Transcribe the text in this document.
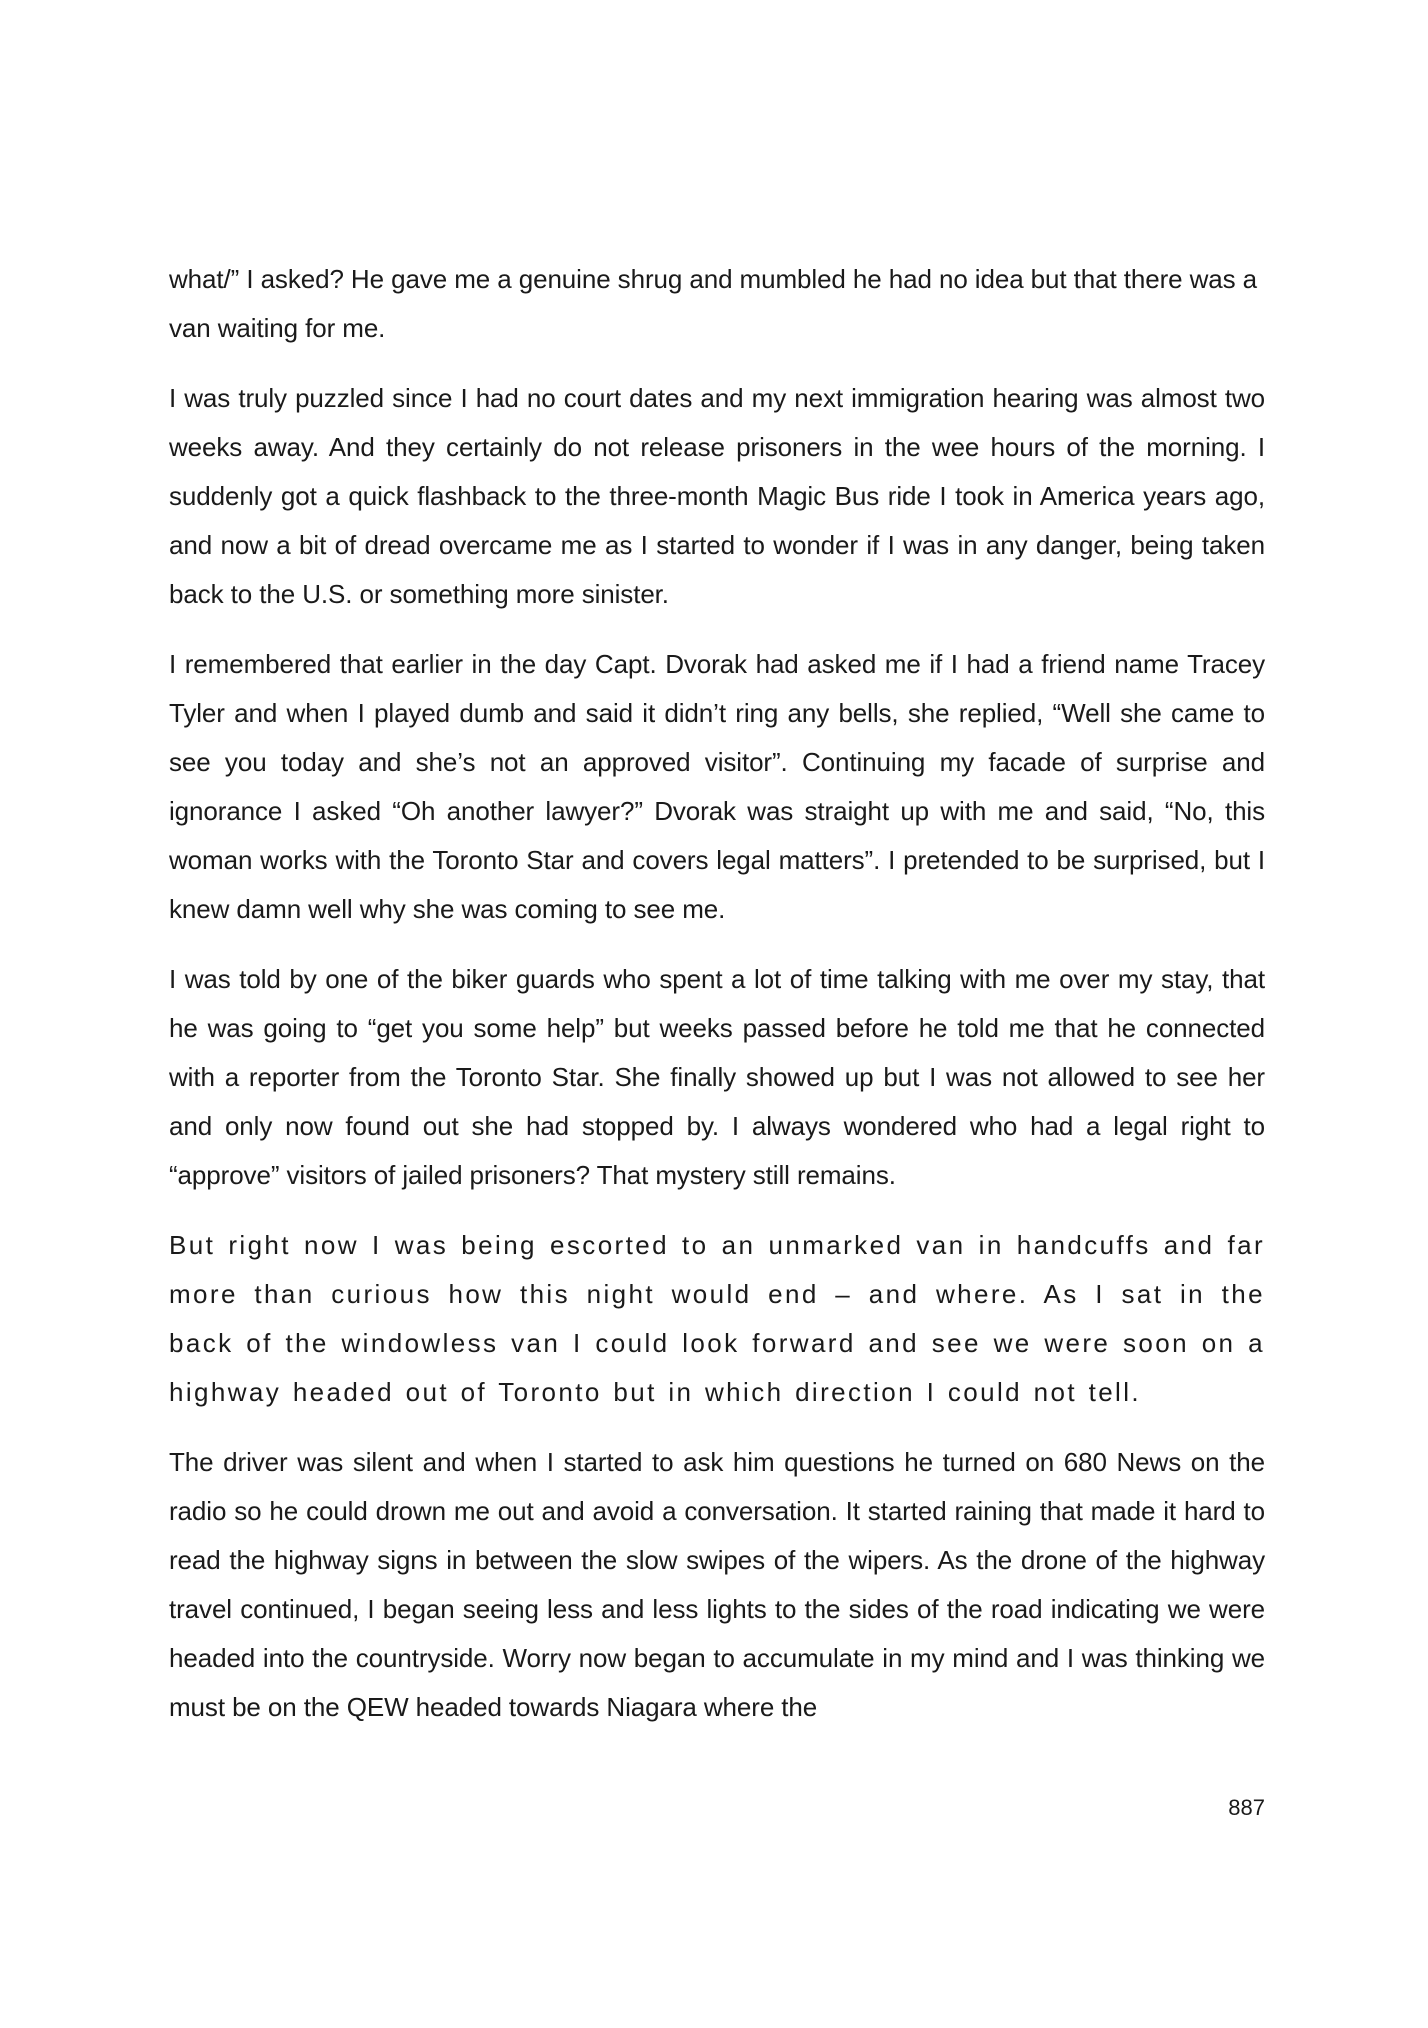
what/” I asked? He gave me a genuine shrug and mumbled he had no idea but that there was a van waiting for me.

I was truly puzzled since I had no court dates and my next immigration hearing was almost two weeks away. And they certainly do not release prisoners in the wee hours of the morning. I suddenly got a quick flashback to the three-month Magic Bus ride I took in America years ago, and now a bit of dread overcame me as I started to wonder if I was in any danger, being taken back to the U.S. or something more sinister.

I remembered that earlier in the day Capt. Dvorak had asked me if I had a friend name Tracey Tyler and when I played dumb and said it didn’t ring any bells, she replied, “Well she came to see you today and she’s not an approved visitor”. Continuing my facade of surprise and ignorance I asked “Oh another lawyer?” Dvorak was straight up with me and said, “No, this woman works with the Toronto Star and covers legal matters”. I pretended to be surprised, but I knew damn well why she was coming to see me.

I was told by one of the biker guards who spent a lot of time talking with me over my stay, that he was going to “get you some help” but weeks passed before he told me that he connected with a reporter from the Toronto Star. She finally showed up but I was not allowed to see her and only now found out she had stopped by. I always wondered who had a legal right to “approve” visitors of jailed prisoners? That mystery still remains.

But right now I was being escorted to an unmarked van in handcuffs and far more than curious how this night would end – and where. As I sat in the back of the windowless van I could look forward and see we were soon on a highway headed out of Toronto but in which direction I could not tell.

The driver was silent and when I started to ask him questions he turned on 680 News on the radio so he could drown me out and avoid a conversation. It started raining that made it hard to read the highway signs in between the slow swipes of the wipers. As the drone of the highway travel continued, I began seeing less and less lights to the sides of the road indicating we were headed into the countryside. Worry now began to accumulate in my mind and I was thinking we must be on the QEW headed towards Niagara where the

887
